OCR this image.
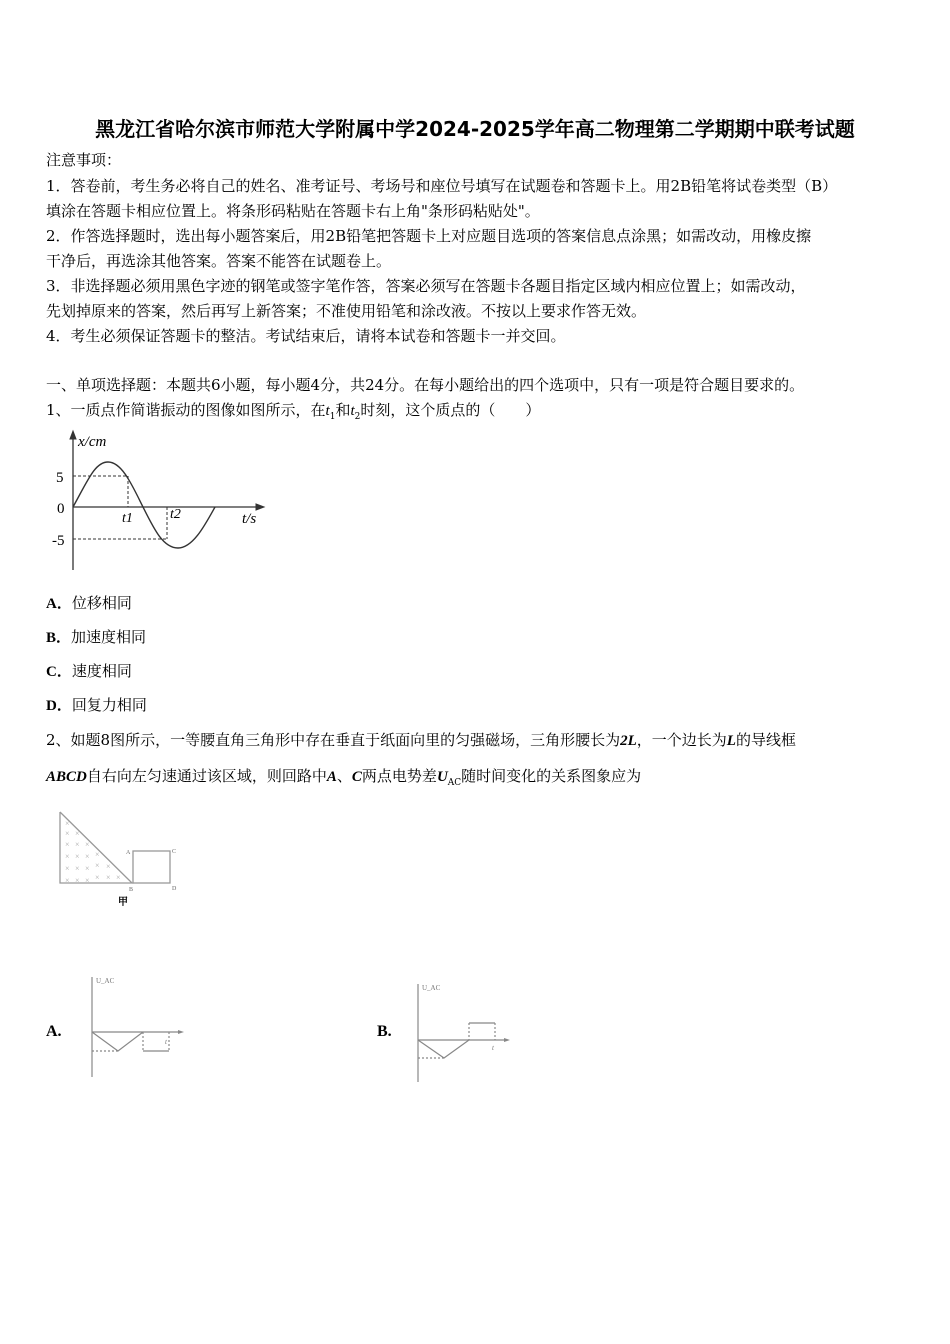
黑龙江省哈尔滨市师范大学附属中学2024-2025学年高二物理第二学期期中联考试题
注意事项：
1．答卷前，考生务必将自己的姓名、准考证号、考场号和座位号填写在试题卷和答题卡上。用2B铅笔将试卷类型（B）
填涂在答题卡相应位置上。将条形码粘贴在答题卡右上角"条形码粘贴处"。
2．作答选择题时，选出每小题答案后，用2B铅笔把答题卡上对应题目选项的答案信息点涂黑；如需改动，用橡皮擦
干净后，再选涂其他答案。答案不能答在试题卷上。
3．非选择题必须用黑色字迹的钢笔或签字笔作答，答案必须写在答题卡各题目指定区域内相应位置上；如需改动，
先划掉原来的答案，然后再写上新答案；不准使用铅笔和涂改液。不按以上要求作答无效。
4．考生必须保证答题卡的整洁。考试结束后，请将本试卷和答题卡一并交回。
一、单项选择题：本题共6小题，每小题4分，共24分。在每小题给出的四个选项中，只有一项是符合题目要求的。
1、一质点作简谐振动的图像如图所示，在$t_1$和$t_2$时刻，这个质点的（　　）
x/cm
5
0
-5
t1	t2	t/s
×
× ×
× × ×
× × × ×
× × × × ×
× × × × × ×
A	C
D
B
甲
U_AC
t
U_AC
t
A．位移相同
B．加速度相同
C．速度相同
D．回复力相同
2、如题8图所示，一等腰直角三角形中存在垂直于纸面向里的匀强磁场，三角形腰长为2L，一个边长为L的导线框
ABCD自右向左匀速通过该区域，则回路中A、C两点电势差$U_{AC}$随时间变化的关系图象应为
A.	B.
